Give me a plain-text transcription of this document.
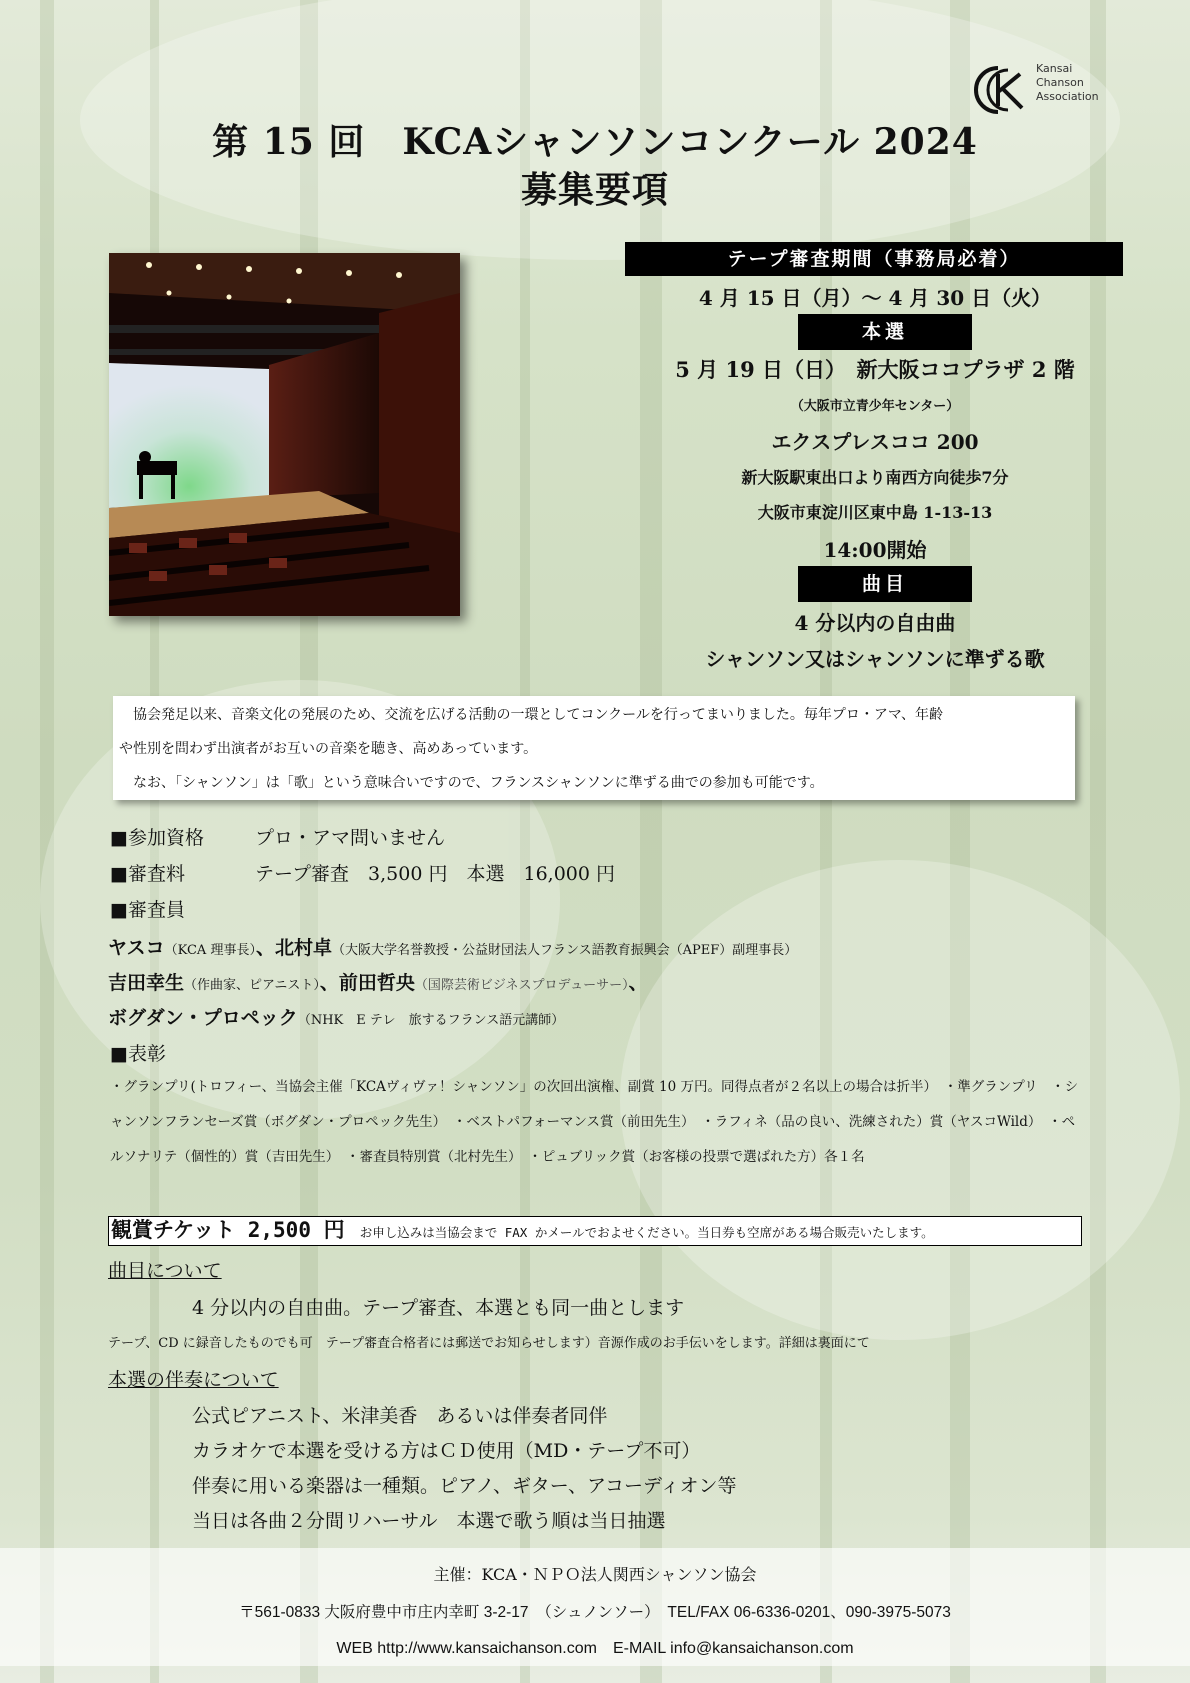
Kansai
Chanson
Association
第 15 回　KCAシャンソンコンクール 2024
募集要項
テープ審査期間（事務局必着）
4 月 15 日（月）～ 4 月 30 日（火）
本選
5 月 19 日（日）　新大阪ココプラザ 2 階
（大阪市立青少年センター）
エクスプレスココ 200
新大阪駅東出口より南西方向徒歩7分
大阪市東淀川区東中島 1-13-13
14:00開始
曲目
4 分以内の自由曲
シャンソン又はシャンソンに準ずる歌

　協会発足以来、音楽文化の発展のため、交流を広げる活動の一環としてコンクールを行ってまいりました。毎年プロ・アマ、年齢

や性別を問わず出演者がお互いの音楽を聴き、高めあっています。

　なお、「シャンソン」は「歌」という意味合いですので、フランスシャンソンに準ずる曲での参加も可能です。

■参加資格	プロ・アマ問いません
■審査料	テープ審査　3,500 円　本選　16,000 円
■審査員
ヤスコ（KCA 理事長）、北村卓（大阪大学名誉教授・公益財団法人フランス語教育振興会（APEF）副理事長）
吉田幸生（作曲家、ピアニスト）、前田哲央（国際芸術ビジネスプロデューサー）、
ボグダン・プロペック（NHK　E テレ　旅するフランス語元講師）
■表彰
・グランプリ(トロフィー、当協会主催「KCAヴィヴァ！シャンソン」の次回出演権、副賞 10 万円。同得点者が２名以上の場合は折半）　・準グランプリ　・シャンソンフランセーズ賞（ボグダン・プロペック先生）　・ベストパフォーマンス賞（前田先生）　・ラフィネ（品の良い、洗練された）賞（ヤスコWild）　・ペルソナリテ（個性的）賞（吉田先生）　・審査員特別賞（北村先生）　・ピュブリック賞（お客様の投票で選ばれた方）各１名
観賞チケット 2,500 円 お申し込みは当協会まで FAX かメールでおよせください。当日券も空席がある場合販売いたします。
曲目について
4 分以内の自由曲。テープ審査、本選とも同一曲とします
テープ、CD に録音したものでも可　テープ審査合格者には郵送でお知らせします）音源作成のお手伝いをします。詳細は裏面にて
本選の伴奏について
公式ピアニスト、米津美香　あるいは伴奏者同伴
カラオケで本選を受ける方はＣＤ使用（MD・テープ不可）
伴奏に用いる楽器は一種類。ピアノ、ギター、アコーディオン等
当日は各曲２分間リハーサル　本選で歌う順は当日抽選
主催：KCA・ＮＰＯ法人関西シャンソン協会
〒561-0833 大阪府豊中市庄内幸町 3-2-17　（シュノンソー）　TEL/FAX 06-6336-0201、090-3975-5073
WEB http://www.kansaichanson.com　E-MAIL info@kansaichanson.com
